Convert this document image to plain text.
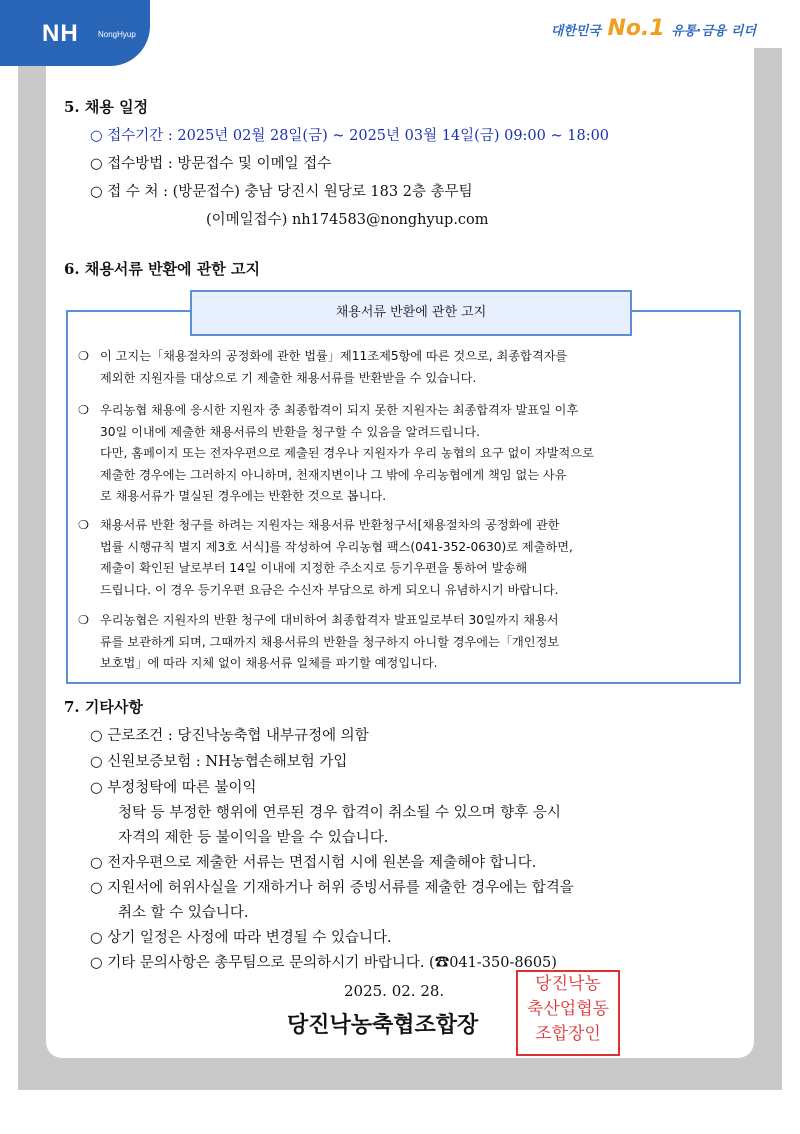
NH NongHyup	대한민국 No.1 유통·금융 리더
5. 채용 일정
○ 접수기간 : 2025년 02월 28일(금) ~ 2025년 03월 14일(금) 09:00 ~ 18:00
○ 접수방법 : 방문접수 및 이메일 접수
○ 접 수 처 : (방문접수) 충남 당진시 원당로 183 2층 총무팀
(이메일접수) nh174583@nonghyup.com
6. 채용서류 반환에 관한 고지
채용서류 반환에 관한 고지
❍ 이 고지는「채용절차의 공정화에 관한 법률」제11조제5항에 따른 것으로, 최종합격자를
제외한 지원자를 대상으로 기 제출한 채용서류를 반환받을 수 있습니다.
❍ 우리농협 채용에 응시한 지원자 중 최종합격이 되지 못한 지원자는 최종합격자 발표일 이후
30일 이내에 제출한 채용서류의 반환을 청구할 수 있음을 알려드립니다.
다만, 홈페이지 또는 전자우편으로 제출된 경우나 지원자가 우리 농협의 요구 없이 자발적으로
제출한 경우에는 그러하지 아니하며, 천재지변이나 그 밖에 우리농협에게 책임 없는 사유
로 채용서류가 멸실된 경우에는 반환한 것으로 봅니다.
❍ 채용서류 반환 청구를 하려는 지원자는 채용서류 반환청구서[채용절차의 공정화에 관한
법률 시행규칙 별지 제3호 서식]를 작성하여 우리농협 팩스(041-352-0630)로 제출하면,
제출이 확인된 날로부터 14일 이내에 지정한 주소지로 등기우편을 통하여 발송해
드립니다. 이 경우 등기우편 요금은 수신자 부담으로 하게 되오니 유념하시기 바랍니다.
❍ 우리농협은 지원자의 반환 청구에 대비하여 최종합격자 발표일로부터 30일까지 채용서
류를 보관하게 되며, 그때까지 채용서류의 반환을 청구하지 아니할 경우에는「개인정보
보호법」에 따라 지체 없이 채용서류 일체를 파기할 예정입니다.
7. 기타사항
○ 근로조건 : 당진낙농축협 내부규정에 의함
○ 신원보증보험 : NH농협손해보험 가입
○ 부정청탁에 따른 불이익
청탁 등 부정한 행위에 연루된 경우 합격이 취소될 수 있으며 향후 응시
자격의 제한 등 불이익을 받을 수 있습니다.
○ 전자우편으로 제출한 서류는 면접시험 시에 원본을 제출해야 합니다.
○ 지원서에 허위사실을 기재하거나 허위 증빙서류를 제출한 경우에는 합격을
취소 할 수 있습니다.
○ 상기 일정은 사정에 따라 변경될 수 있습니다.
○ 기타 문의사항은 총무팀으로 문의하시기 바랍니다. (☎041-350-8605)
2025. 02. 28.
당진낙농축협조합장
당진낙농
축산업협동
조합장인
